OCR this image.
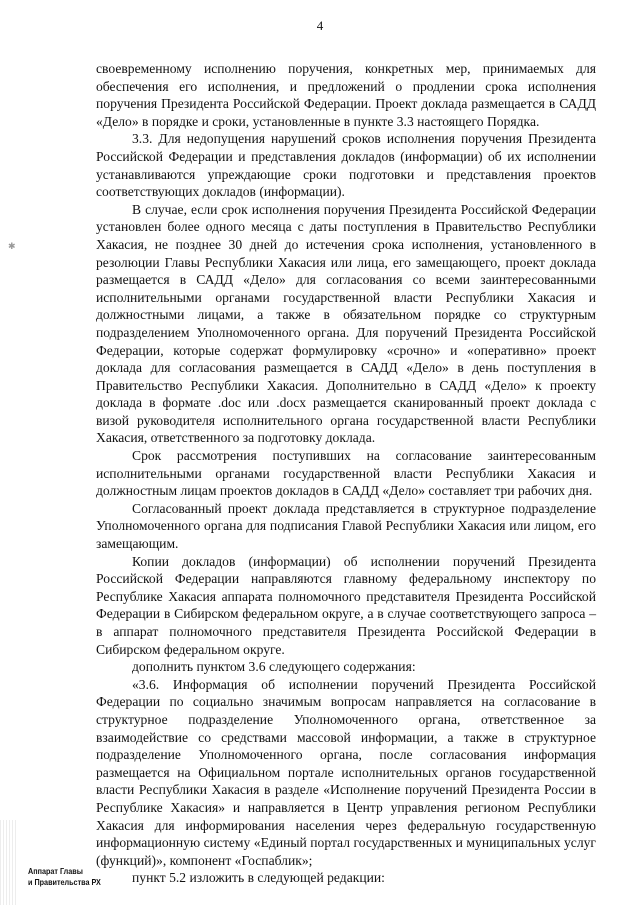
4
✱

своевременному исполнению поручения, конкретных мер, принимаемых для обеспечения его исполнения, и предложений о продлении срока исполнения поручения Президента Российской Федерации. Проект доклада размещается в САДД «Дело» в порядке и сроки, установленные в пункте 3.3 настоящего Порядка.

3.3. Для недопущения нарушений сроков исполнения поручения Президента Российской Федерации и представления докладов (информации) об их исполнении устанавливаются упреждающие сроки подготовки и представления проектов соответствующих докладов (информации).

В случае, если срок исполнения поручения Президента Российской Федерации установлен более одного месяца с даты поступления в Правительство Республики Хакасия, не позднее 30 дней до истечения срока исполнения, установленного в резолюции Главы Республики Хакасия или лица, его замещающего, проект доклада размещается в САДД «Дело» для согласования со всеми заинтересованными исполнительными органами государственной власти Республики Хакасия и должностными лицами, а также в обязательном порядке со структурным подразделением Уполномоченного органа. Для поручений Президента Российской Федерации, которые содержат формулировку «срочно» и «оперативно» проект доклада для согласования размещается в САДД «Дело» в день поступления в Правительство Республики Хакасия. Дополнительно в САДД «Дело» к проекту доклада в формате .doc или .docx размещается сканированный проект доклада с визой руководителя исполнительного органа государственной власти Республики Хакасия, ответственного за подготовку доклада.

Срок рассмотрения поступивших на согласование заинтересованным исполнительными органами государственной власти Республики Хакасия и должностным лицам проектов докладов в САДД «Дело» составляет три рабочих дня.

Согласованный проект доклада представляется в структурное подразделение Уполномоченного органа для подписания Главой Республики Хакасия или лицом, его замещающим.

Копии докладов (информации) об исполнении поручений Президента Российской Федерации направляются главному федеральному инспектору по Республике Хакасия аппарата полномочного представителя Президента Российской Федерации в Сибирском федеральном округе, а в случае соответствующего запроса – в аппарат полномочного представителя Президента Российской Федерации в Сибирском федеральном округе.

дополнить пунктом 3.6 следующего содержания:

«3.6. Информация об исполнении поручений Президента Российской Федерации по социально значимым вопросам направляется на согласование в структурное подразделение Уполномоченного органа, ответственное за взаимодействие со средствами массовой информации, а также в структурное подразделение Уполномоченного органа, после согласования информация размещается на Официальном портале исполнительных органов государственной власти Республики Хакасия в разделе «Исполнение поручений Президента России в Республике Хакасия» и направляется в Центр управления регионом Республики Хакасия для информирования населения через федеральную государственную информационную систему «Единый портал государственных и муниципальных услуг (функций)», компонент «Госпаблик»;

пункт 5.2 изложить в следующей редакции:

Аппарат Главы
и Правительства РХ
